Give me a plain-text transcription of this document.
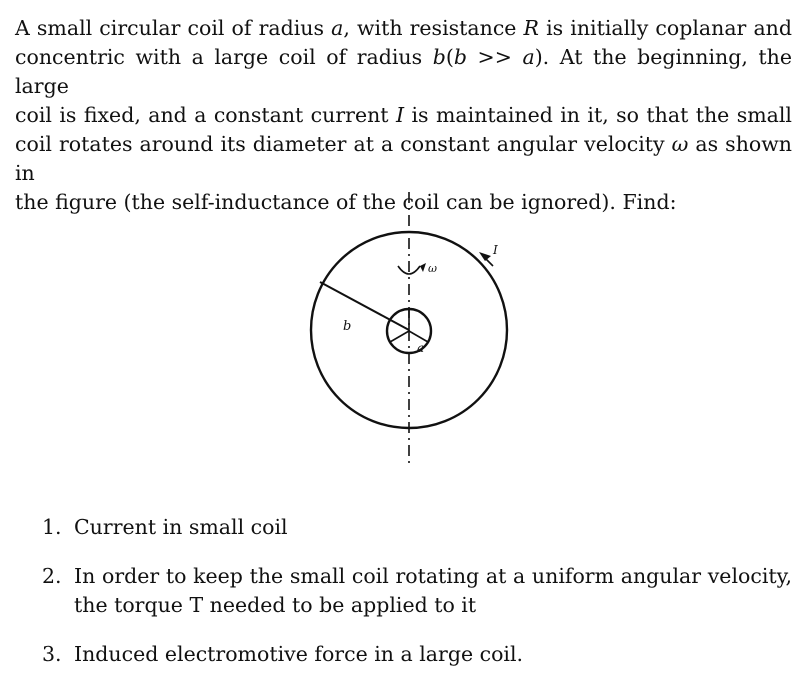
A small circular coil of radius a, with resistance R is initially coplanar and
concentric with a large coil of radius b(b >> a). At the beginning, the large
coil is fixed, and a constant current I is maintained in it, so that the small
coil rotates around its diameter at a constant angular velocity ω as shown in
the figure (the self-inductance of the coil can be ignored). Find:
b
a
ω
I
1. Current in small coil
2. In order to keep the small coil rotating at a uniform angular velocity,
the torque T needed to be applied to it
3. Induced electromotive force in a large coil.
